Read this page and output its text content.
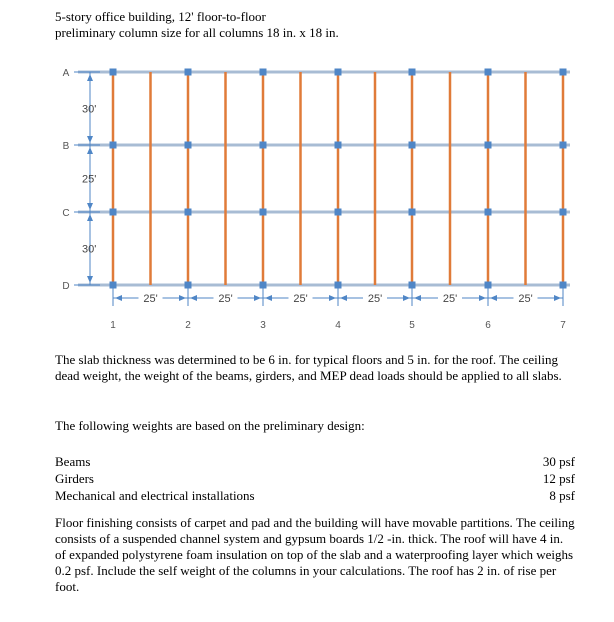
5-story office building, 12' floor-to-floor
preliminary column size for all columns 18 in. x 18 in.
A
B
C
D
30'
25'
30'
1	2	3	4	5	6	7
25'	25'	25'	25'	25'	25'
The slab thickness was determined to be 6 in. for typical floors and 5 in. for the roof. The ceiling dead weight, the weight of the beams, girders, and MEP dead loads should be applied to all slabs.
The following weights are based on the preliminary design:
Beams	30 psf
Girders	12 psf
Mechanical and electrical installations	8 psf
Floor finishing consists of carpet and pad and the building will have movable partitions. The ceiling consists of a suspended channel system and gypsum boards 1/2 -in. thick. The roof will have 4 in. of expanded polystyrene foam insulation on top of the slab and a waterproofing layer which weighs 0.2 psf. Include the self weight of the columns in your calculations. The roof has 2 in. of rise per foot.
